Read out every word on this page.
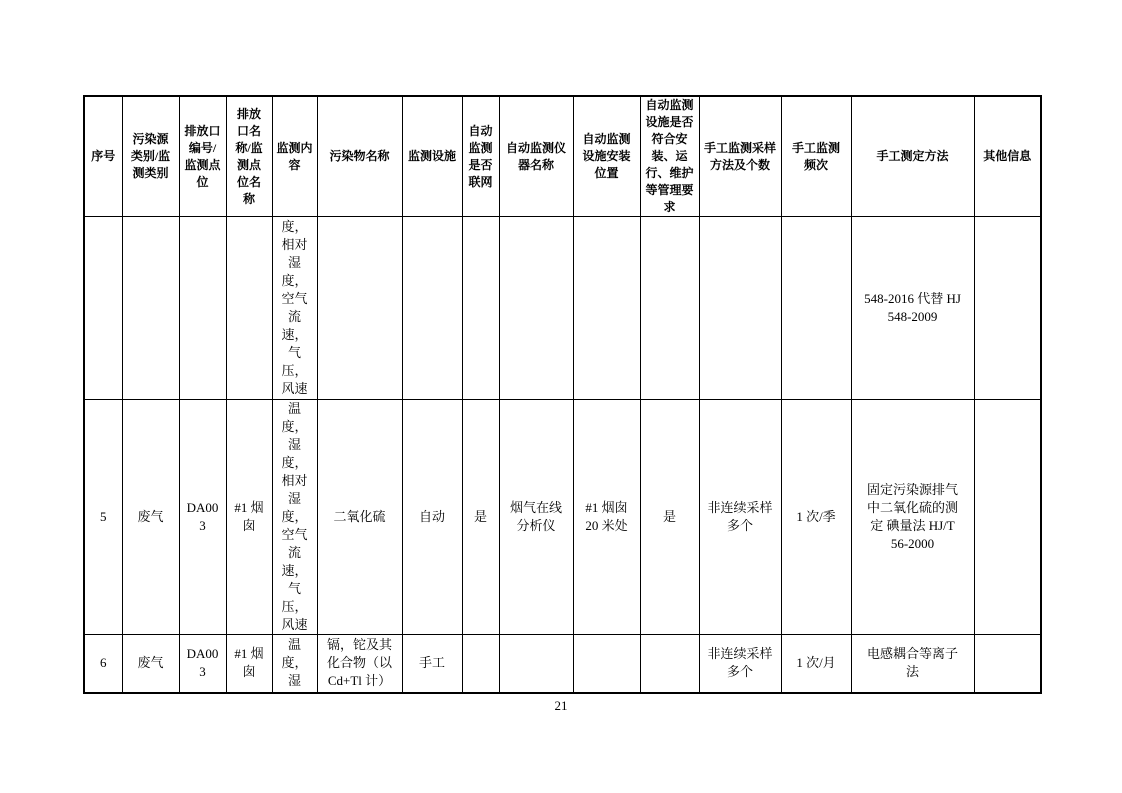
序号	污染源类别/监测类别	排放口编号/监测点位	排放口名称/监测点位名称	监测内容	污染物名称	监测设施	自动监测是否联网	自动监测仪器名称	自动监测设施安装位置	自动监测设施是否符合安装、运行、维护等管理要求	手工监测采样方法及个数	手工监测频次	手工测定方法	其他信息
				度，相对湿度，空气流速，气压，风速									548-2016 代替 HJ 548-2009	
5	废气	DA003	#1 烟囱	温度，湿度，相对湿度，空气流速，气压，风速	二氧化硫	自动	是	烟气在线分析仪	#1 烟囱 20 米处	是	非连续采样多个	1 次/季	固定污染源排气中二氧化硫的测定 碘量法 HJ/T 56-2000	
6	废气	DA003	#1 烟囱	温度，湿	镉，铊及其化合物（以 Cd+Tl 计）	手工					非连续采样多个	1 次/月	电感耦合等离子法	
21
